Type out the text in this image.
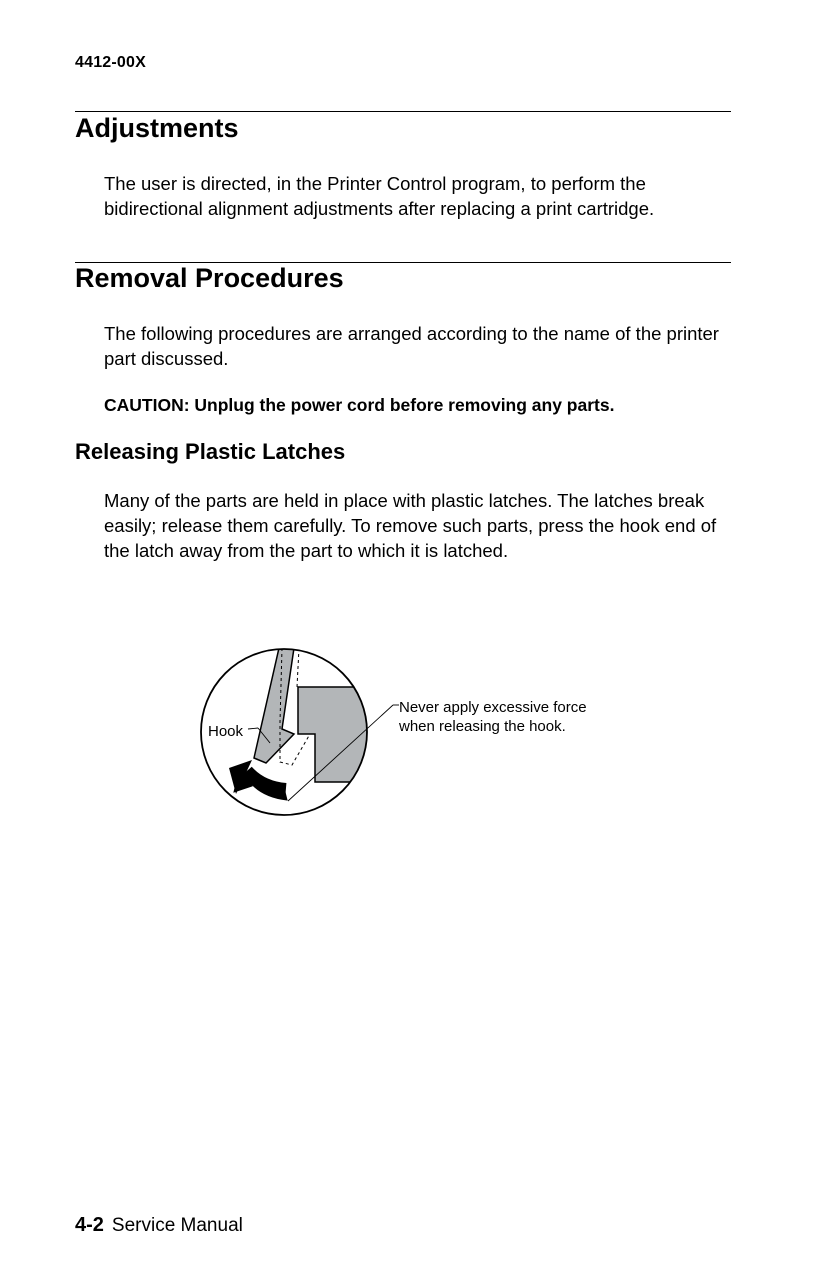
4412-00X
Adjustments

The user is directed, in the Printer Control program, to perform the bidirectional alignment adjustments after replacing a print cartridge.

Removal Procedures

The following procedures are arranged according to the name of the printer part discussed.

CAUTION: Unplug the power cord before removing any parts.

Releasing Plastic Latches

Many of the parts are held in place with plastic latches. The latches break easily; release them carefully. To remove such parts, press the hook end of the latch away from the part to which it is latched.

Hook
Never apply excessive force
when releasing the hook.
4-2 Service Manual
